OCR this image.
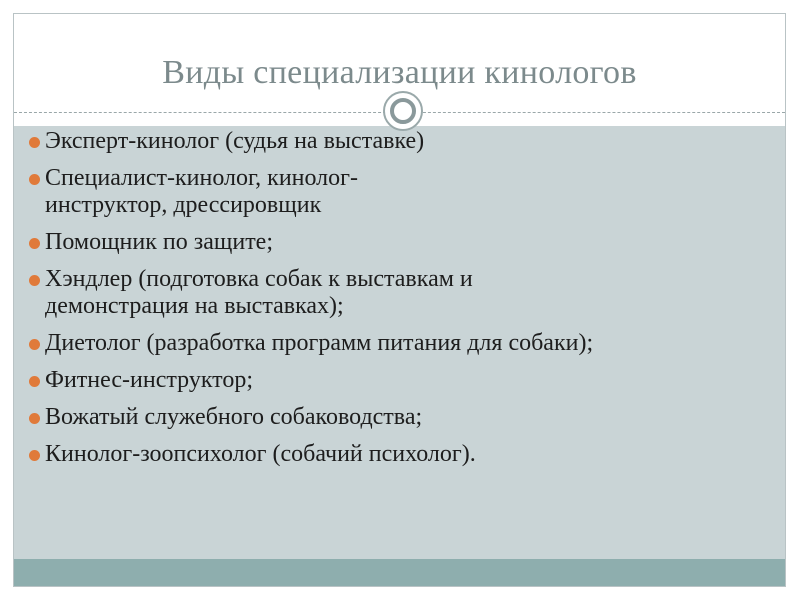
Виды специализации кинологов
Эксперт-кинолог (судья на выставке)
Специалист-кинолог, кинолог-
инструктор, дрессировщик
Помощник по защите;
Хэндлер (подготовка собак к выставкам и
демонстрация на выставках);
Диетолог (разработка программ питания для собаки);
Фитнес-инструктор;
Вожатый служебного собаководства;
Кинолог-зоопсихолог (собачий психолог).
